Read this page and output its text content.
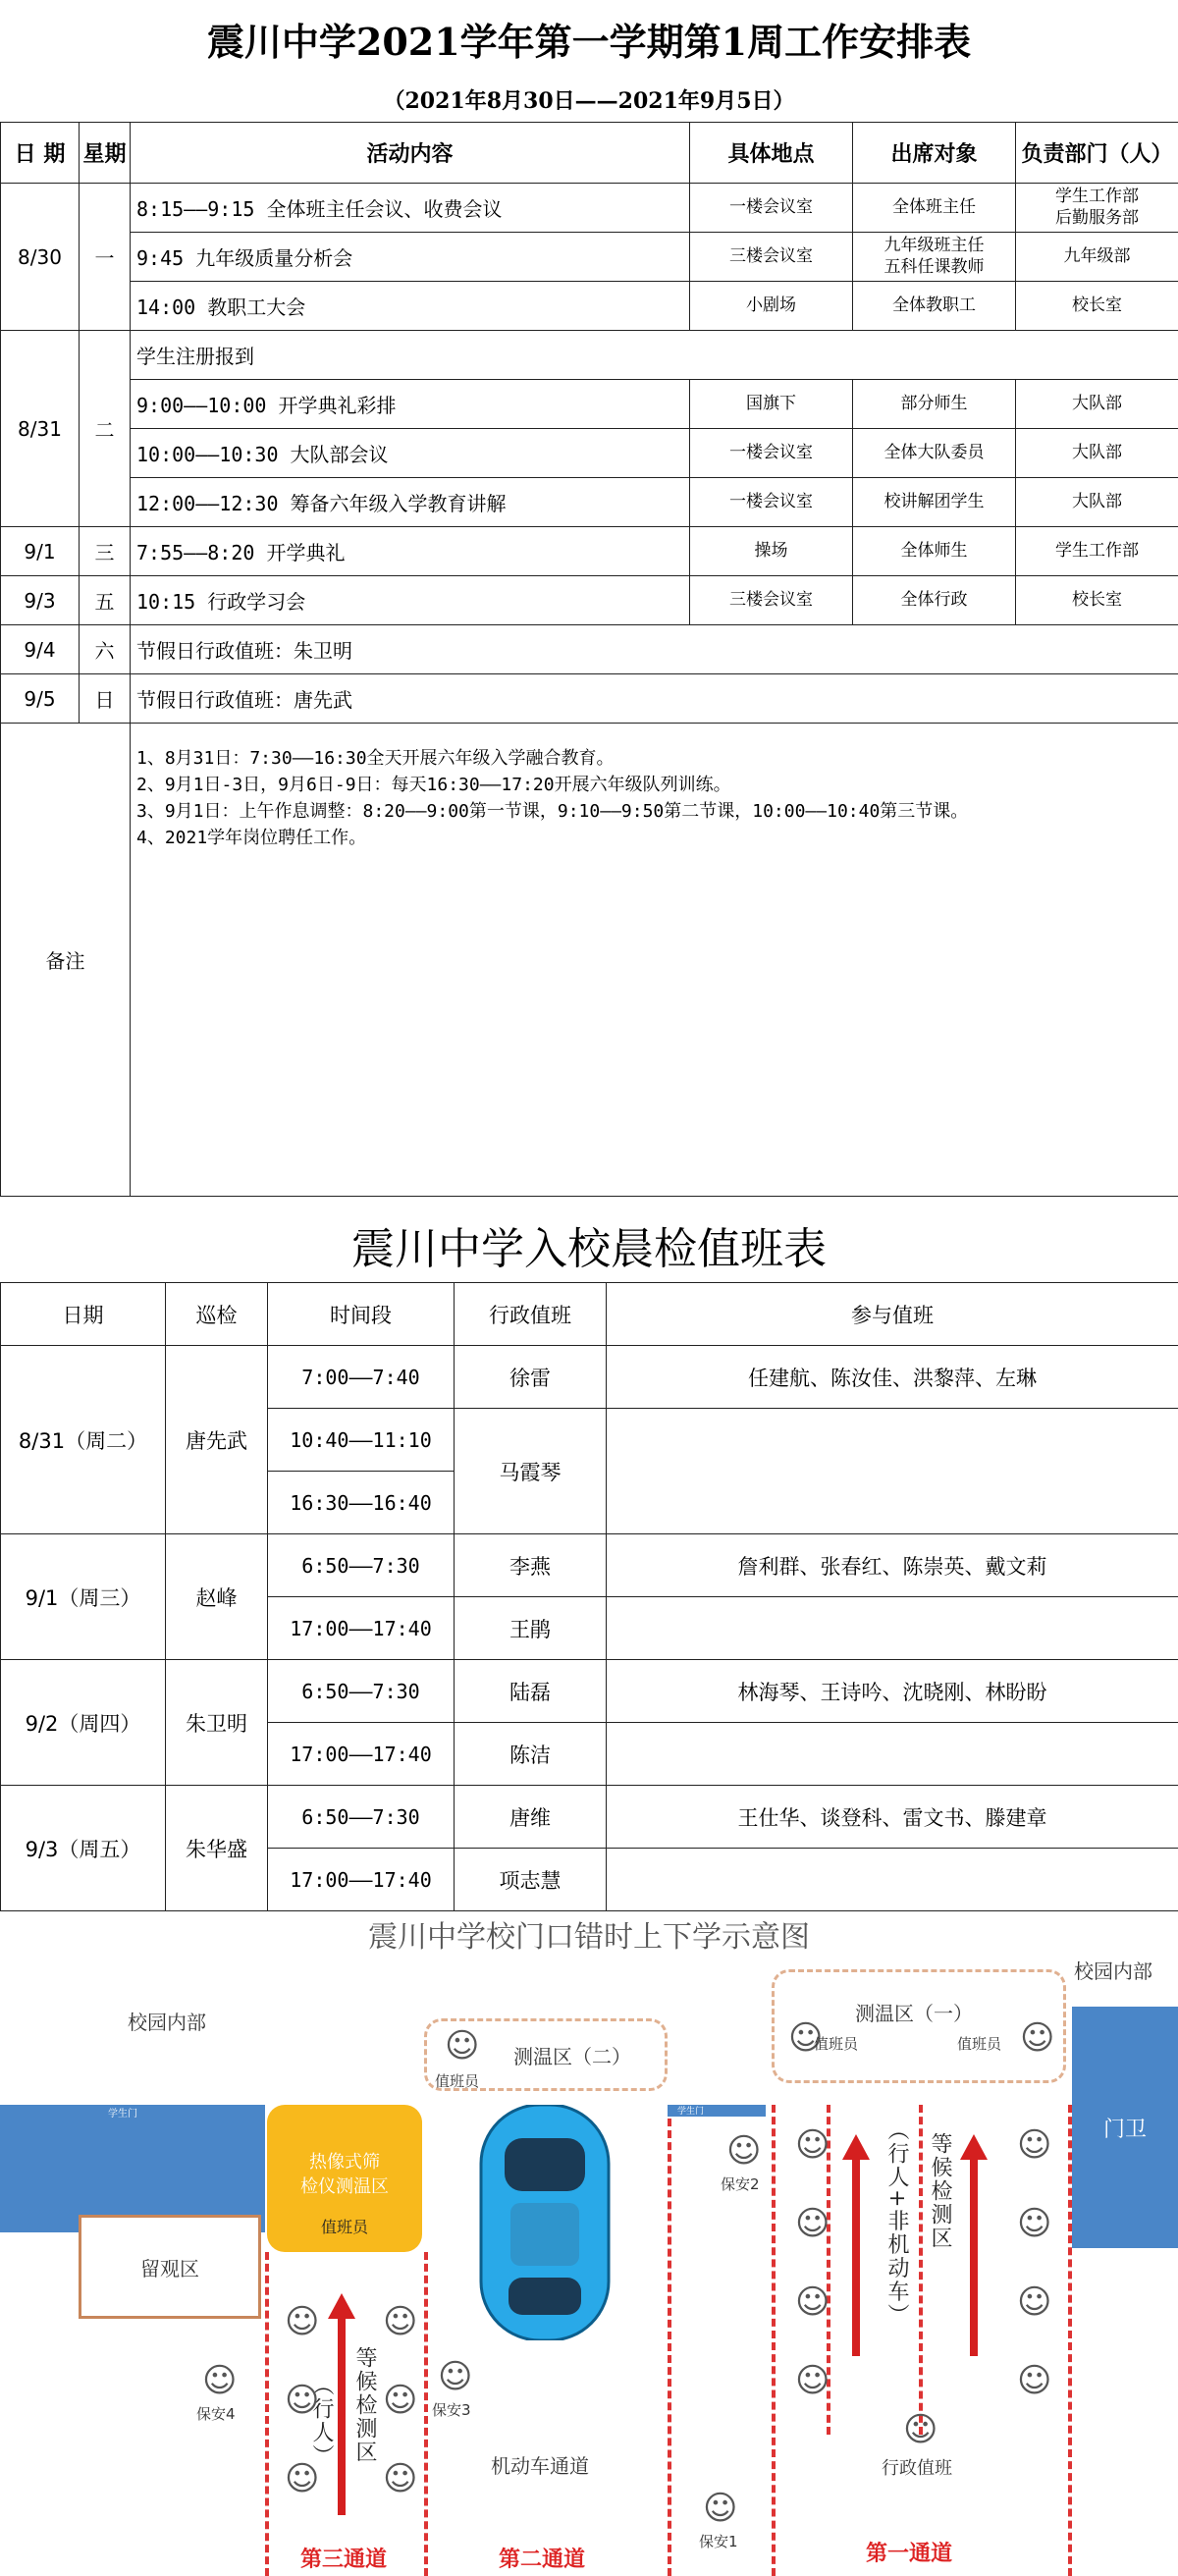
震川中学2021学年第一学期第1周工作安排表
（2021年8月30日——2021年9月5日）
日 期	星期	活动内容	具体地点	出席对象	负责部门（人）
8/30	一	8:15——9:15 全体班主任会议、收费会议	一楼会议室	全体班主任	学生工作部
后勤服务部
		9:45 九年级质量分析会	三楼会议室	九年级班主任
五科任课教师	九年级部
		14:00 教职工大会	小剧场	全体教职工	校长室
8/31	二	学生注册报到			
		9:00——10:00 开学典礼彩排	国旗下	部分师生	大队部
		10:00——10:30 大队部会议	一楼会议室	全体大队委员	大队部
		12:00——12:30 筹备六年级入学教育讲解	一楼会议室	校讲解团学生	大队部
9/1	三	7:55——8:20 开学典礼	操场	全体师生	学生工作部
9/3	五	10:15 行政学习会	三楼会议室	全体行政	校长室
9/4	六	节假日行政值班：朱卫明			
9/5	日	节假日行政值班：唐先武			
备注		1、8月31日：7:30——16:30全天开展六年级入学融合教育。
2、9月1日-3日，9月6日-9日：每天16:30——17:20开展六年级队列训练。
3、9月1日：上午作息调整：8:20——9:00第一节课，9:10——9:50第二节课，10:00——10:40第三节课。
4、2021学年岗位聘任工作。			
震川中学入校晨检值班表
日期	巡检	时间段	行政值班	参与值班
8/31（周二）	唐先武	7:00——7:40	徐雷	任建航、陈汝佳、洪黎萍、左琳
		10:40——11:10	马霞琴	
		16:30——16:40		
9/1（周三）	赵峰	6:50——7:30	李燕	詹利群、张春红、陈崇英、戴文莉
		17:00——17:40	王鹃	
9/2（周四）	朱卫明	6:50——7:30	陆磊	林海琴、王诗吟、沈晓刚、林盼盼
		17:00——17:40	陈洁	
9/3（周五）	朱华盛	6:50——7:30	唐维	王仕华、谈登科、雷文书、滕建章
		17:00——17:40	项志慧	
震川中学校门口错时上下学示意图
校园内部
校园内部
学生门
留观区
热像式筛
检仪测温区
值班员
测温区（二）
☺
值班员
测温区（一）
☺
值班员	☺
值班员
门卫
学生门
（行人） 等候检测区
（行人+非机动车） 等候检测区
☺
☺
☺
☺
☺
☺
☺
☺
☺
☺
☺
☺
☺
☺
☺
保安4
☺
保安3
☺
保安2
☺
保安1
☺
行政值班
机动车通道
第三通道	第二通道	第一通道
